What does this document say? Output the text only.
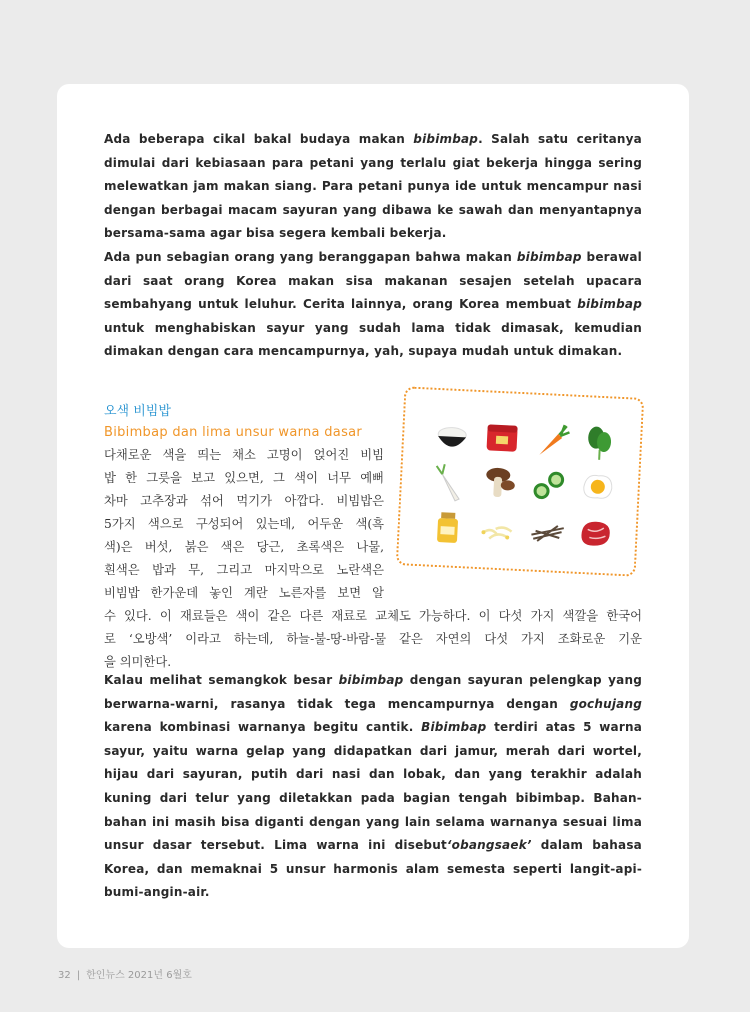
Ada beberapa cikal bakal budaya makan bibimbap. Salah satu ceritanya dimulai dari kebiasaan para petani yang terlalu giat bekerja hingga sering melewatkan jam makan siang. Para petani punya ide untuk mencampur nasi dengan berbagai macam sayuran yang dibawa ke sawah dan menyantapnya bersama-sama agar bisa segera kembali bekerja.

Ada pun sebagian orang yang beranggapan bahwa makan bibimbap berawal dari saat orang Korea makan sisa makanan sesajen setelah upacara sembahyang untuk leluhur. Cerita lainnya, orang Korea membuat bibimbap untuk menghabiskan sayur yang sudah lama tidak dimasak, kemudian dimakan dengan cara mencampurnya, yah, supaya mudah untuk dimakan.

오색 비빔밥
Bibimbap dan lima unsur warna dasar
다채로운 색을 띄는 채소 고명이 얹어진 비빔
밥 한 그릇을 보고 있으면, 그 색이 너무 예뻐
차마 고추장과 섞어 먹기가 아깝다. 비빔밥은
5가지 색으로 구성되어 있는데, 어두운 색(흑
색)은 버섯, 붉은 색은 당근, 초록색은 나물,
흰색은 밥과 무, 그리고 마지막으로 노란색은
비빔밥 한가운데 놓인 계란 노른자를 보면 알
수 있다. 이 재료들은 색이 같은 다른 재료로 교체도 가능하다. 이 다섯 가지 색깔을 한국어
로 ‘오방색’ 이라고 하는데, 하늘-불-땅-바람-물 같은 자연의 다섯 가지 조화로운 기운
을 의미한다.

Kalau melihat semangkok besar bibimbap dengan sayuran pelengkap yang berwarna-warni, rasanya tidak tega mencampurnya dengan gochujang karena kombinasi warnanya begitu cantik. Bibimbap terdiri atas 5 warna sayur, yaitu warna gelap yang didapatkan dari jamur, merah dari wortel, hijau dari sayuran, putih dari nasi dan lobak, dan yang terakhir adalah kuning dari telur yang diletakkan pada bagian tengah bibimbap. Bahan-bahan ini masih bisa diganti dengan yang lain selama warnanya sesuai lima unsur dasar tersebut. Lima warna ini disebut‘obangsaek’ dalam bahasa Korea, dan memaknai 5 unsur harmonis alam semesta seperti langit-api-bumi-angin-air.

32 | 한인뉴스 2021년 6월호
